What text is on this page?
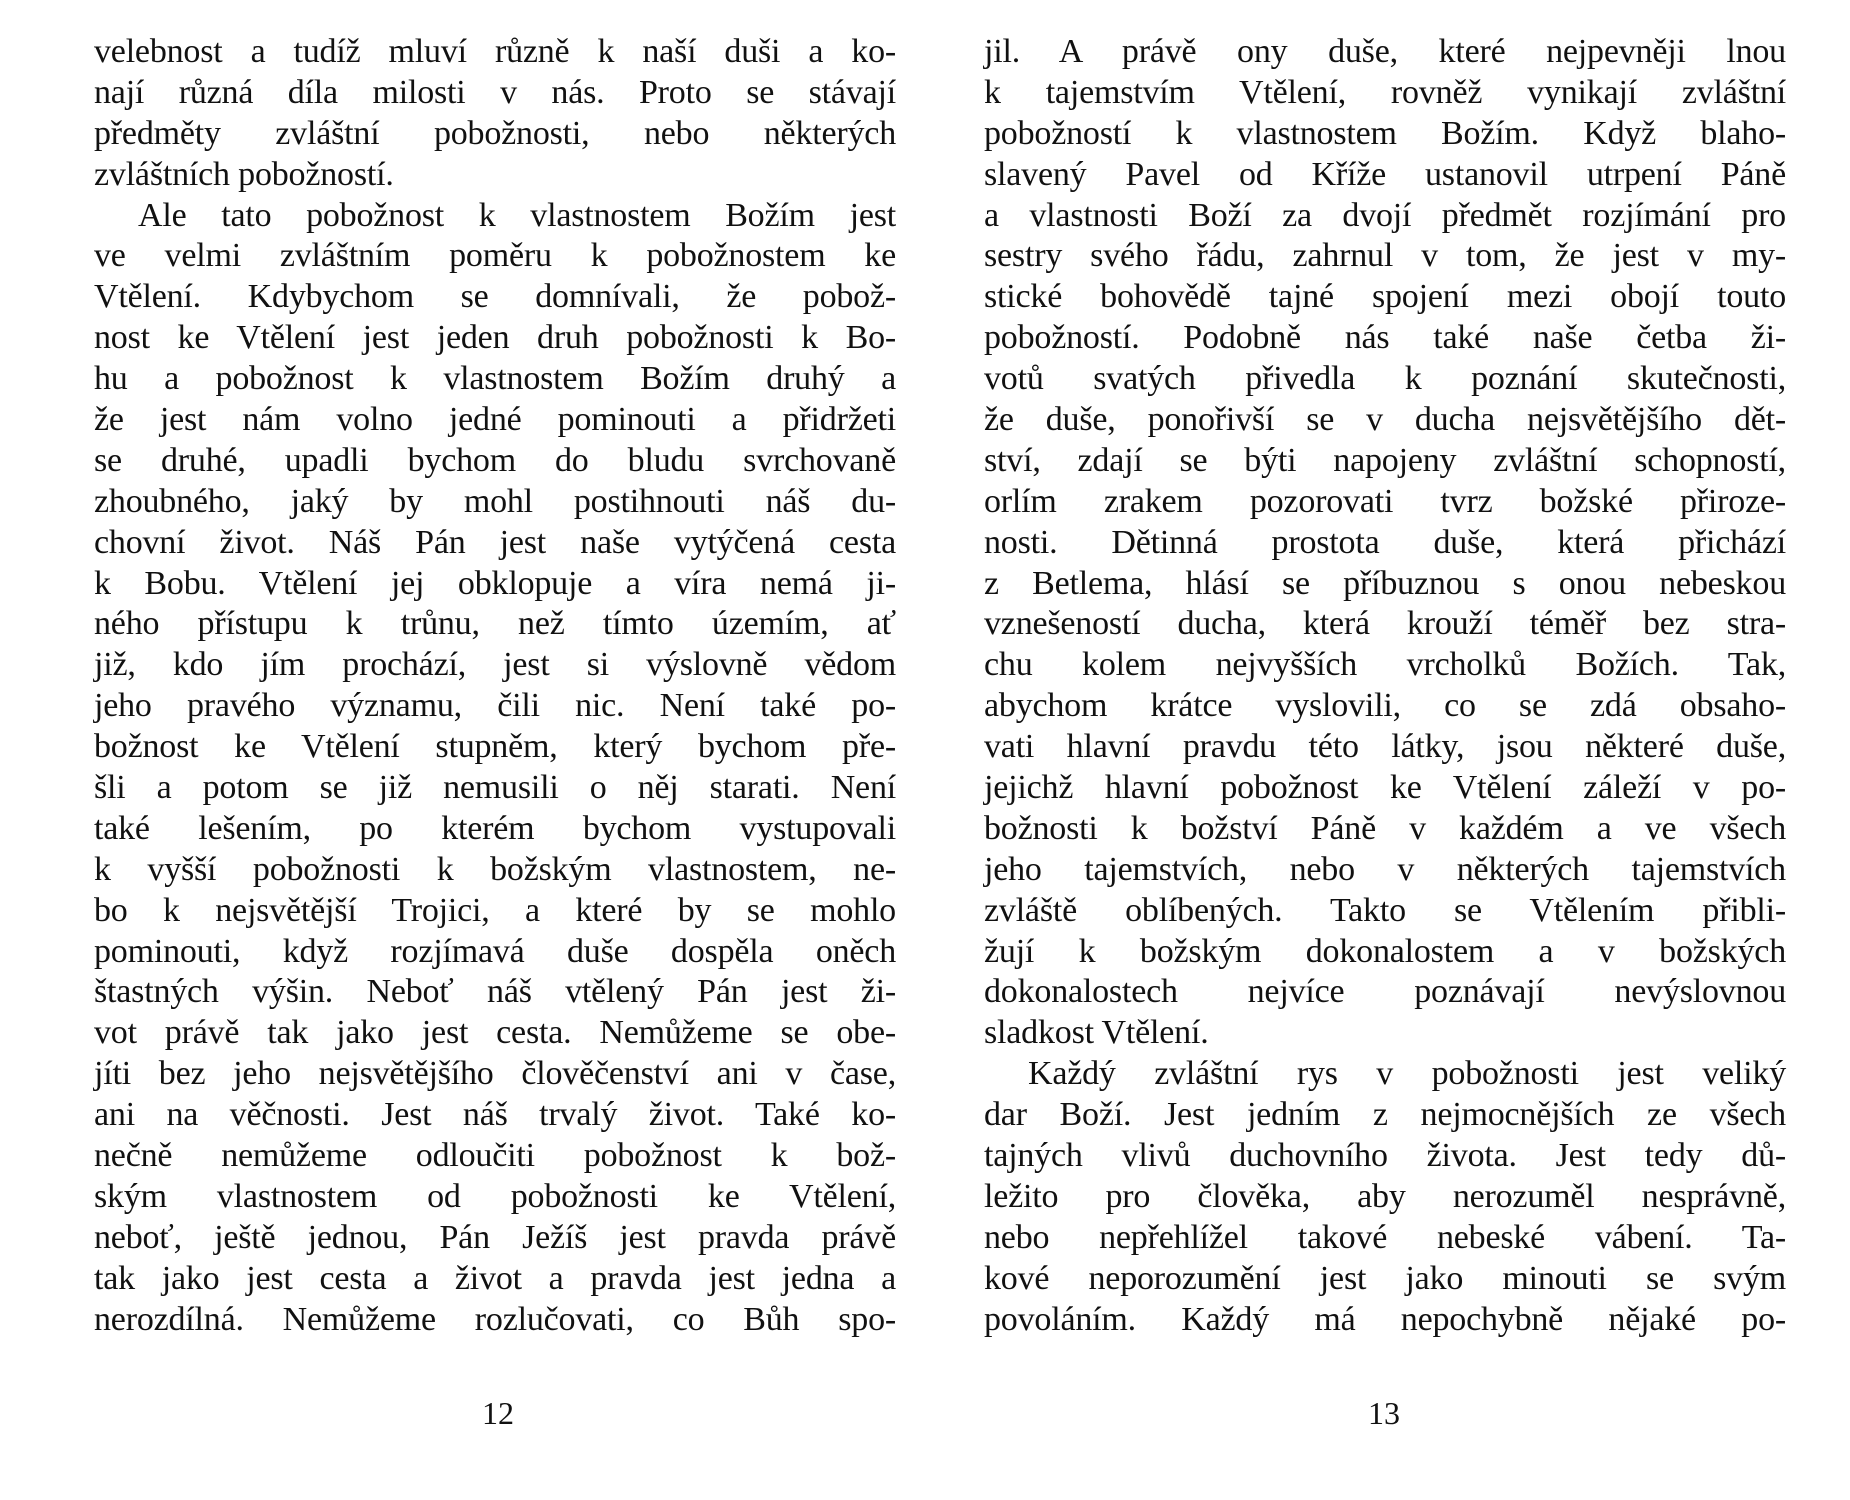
velebnost a tudíž mluví různě k naší duši a ko-
nají různá díla milosti v nás. Proto se stávají
předměty zvláštní pobožnosti, nebo některých
zvláštních pobožností.
Ale tato pobožnost k vlastnostem Božím jest
ve velmi zvláštním poměru k pobožnostem ke
Vtělení. Kdybychom se domnívali, že pobož-
nost ke Vtělení jest jeden druh pobožnosti k Bo-
hu a pobožnost k vlastnostem Božím druhý a
že jest nám volno jedné pominouti a přidržeti
se druhé, upadli bychom do bludu svrchovaně
zhoubného, jaký by mohl postihnouti náš du-
chovní život. Náš Pán jest naše vytýčená cesta
k Bobu. Vtělení jej obklopuje a víra nemá ji-
ného přístupu k trůnu, než tímto územím, ať
již, kdo jím prochází, jest si výslovně vědom
jeho pravého významu, čili nic. Není také po-
božnost ke Vtělení stupněm, který bychom pře-
šli a potom se již nemusili o něj starati. Není
také lešením, po kterém bychom vystupovali
k vyšší pobožnosti k božským vlastnostem, ne-
bo k nejsvětější Trojici, a které by se mohlo
pominouti, když rozjímavá duše dospěla oněch
štastných výšin. Neboť náš vtělený Pán jest ži-
vot právě tak jako jest cesta. Nemůžeme se obe-
jíti bez jeho nejsvětějšího člověčenství ani v čase,
ani na věčnosti. Jest náš trvalý život. Také ko-
nečně nemůžeme odloučiti pobožnost k bož-
ským vlastnostem od pobožnosti ke Vtělení,
neboť, ještě jednou, Pán Ježíš jest pravda právě
tak jako jest cesta a život a pravda jest jedna a
nerozdílná. Nemůžeme rozlučovati, co Bůh spo-
jil. A právě ony duše, které nejpevněji lnou
k tajemstvím Vtělení, rovněž vynikají zvláštní
pobožností k vlastnostem Božím. Když blaho-
slavený Pavel od Kříže ustanovil utrpení Páně
a vlastnosti Boží za dvojí předmět rozjímání pro
sestry svého řádu, zahrnul v tom, že jest v my-
stické bohovědě tajné spojení mezi obojí touto
pobožností. Podobně nás také naše četba ži-
votů svatých přivedla k poznání skutečnosti,
že duše, ponořivší se v ducha nejsvětějšího dět-
ství, zdají se býti napojeny zvláštní schopností,
orlím zrakem pozorovati tvrz božské přiroze-
nosti. Dětinná prostota duše, která přichází
z Betlema, hlásí se příbuznou s onou nebeskou
vznešeností ducha, která krouží téměř bez stra-
chu kolem nejvyšších vrcholků Božích. Tak,
abychom krátce vyslovili, co se zdá obsaho-
vati hlavní pravdu této látky, jsou některé duše,
jejichž hlavní pobožnost ke Vtělení záleží v po-
božnosti k božství Páně v každém a ve všech
jeho tajemstvích, nebo v některých tajemstvích
zvláště oblíbených. Takto se Vtělením přibli-
žují k božským dokonalostem a v božských
dokonalostech nejvíce poznávají nevýslovnou
sladkost Vtělení.
Každý zvláštní rys v pobožnosti jest veliký
dar Boží. Jest jedním z nejmocnějších ze všech
tajných vlivů duchovního života. Jest tedy dů-
ležito pro člověka, aby nerozuměl nesprávně,
nebo nepřehlížel takové nebeské vábení. Ta-
kové neporozumění jest jako minouti se svým
povoláním. Každý má nepochybně nějaké po-
12	13
